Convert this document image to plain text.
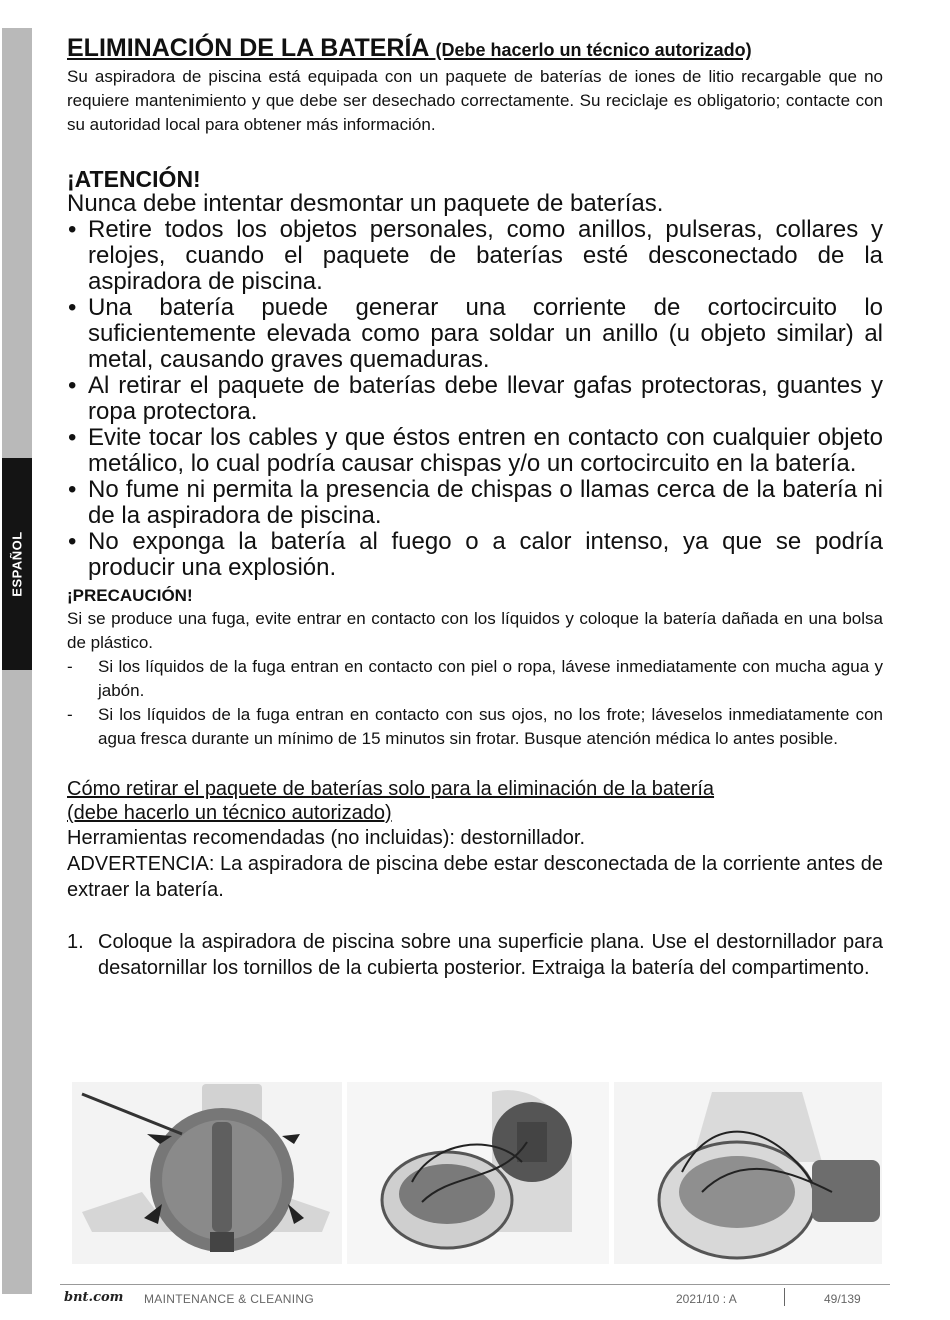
ESPAÑOL
ELIMINACIÓN DE LA BATERÍA (Debe hacerlo un técnico autorizado)

Su aspiradora de piscina está equipada con un paquete de baterías de iones de litio recargable que no requiere mantenimiento y que debe ser desechado correctamente. Su reciclaje es obligatorio; contacte con su autoridad local para obtener más información.

¡ATENCIÓN!

Nunca debe intentar desmontar un paquete de baterías.

• Retire todos los objetos personales, como anillos, pulseras, collares y relojes, cuando el paquete de baterías esté desconectado de la aspiradora de piscina.
• Una batería puede generar una corriente de cortocircuito lo suficientemente elevada como para soldar un anillo (u objeto similar) al metal, causando graves quemaduras.
• Al retirar el paquete de baterías debe llevar gafas protectoras, guantes y ropa protectora.
• Evite tocar los cables y que éstos entren en contacto con cualquier objeto metálico, lo cual podría causar chispas y/o un cortocircuito en la batería.
• No fume ni permita la presencia de chispas o llamas cerca de la batería ni de la aspiradora de piscina.
• No exponga la batería al fuego o a calor intenso, ya que se podría producir una explosión.

¡PRECAUCIÓN!

Si se produce una fuga, evite entrar en contacto con los líquidos y coloque la batería dañada en una bolsa de plástico.

- Si los líquidos de la fuga entran en contacto con piel o ropa, lávese inmediatamente con mucha agua y jabón.
- Si los líquidos de la fuga entran en contacto con sus ojos, no los frote; láveselos inmediatamente con agua fresca durante un mínimo de 15 minutos sin frotar. Busque atención médica lo antes posible.

Cómo retirar el paquete de baterías solo para la eliminación de la batería

(debe hacerlo un técnico autorizado)

Herramientas recomendadas (no incluidas): destornillador.

ADVERTENCIA: La aspiradora de piscina debe estar desconectada de la corriente antes de extraer la batería.

1. Coloque la aspiradora de piscina sobre una superficie plana. Use el destornillador para desatornillar los tornillos de la cubierta posterior. Extraiga la batería del compartimento.
bnt.com MAINTENANCE & CLEANING	2021/10 : A	49/139
